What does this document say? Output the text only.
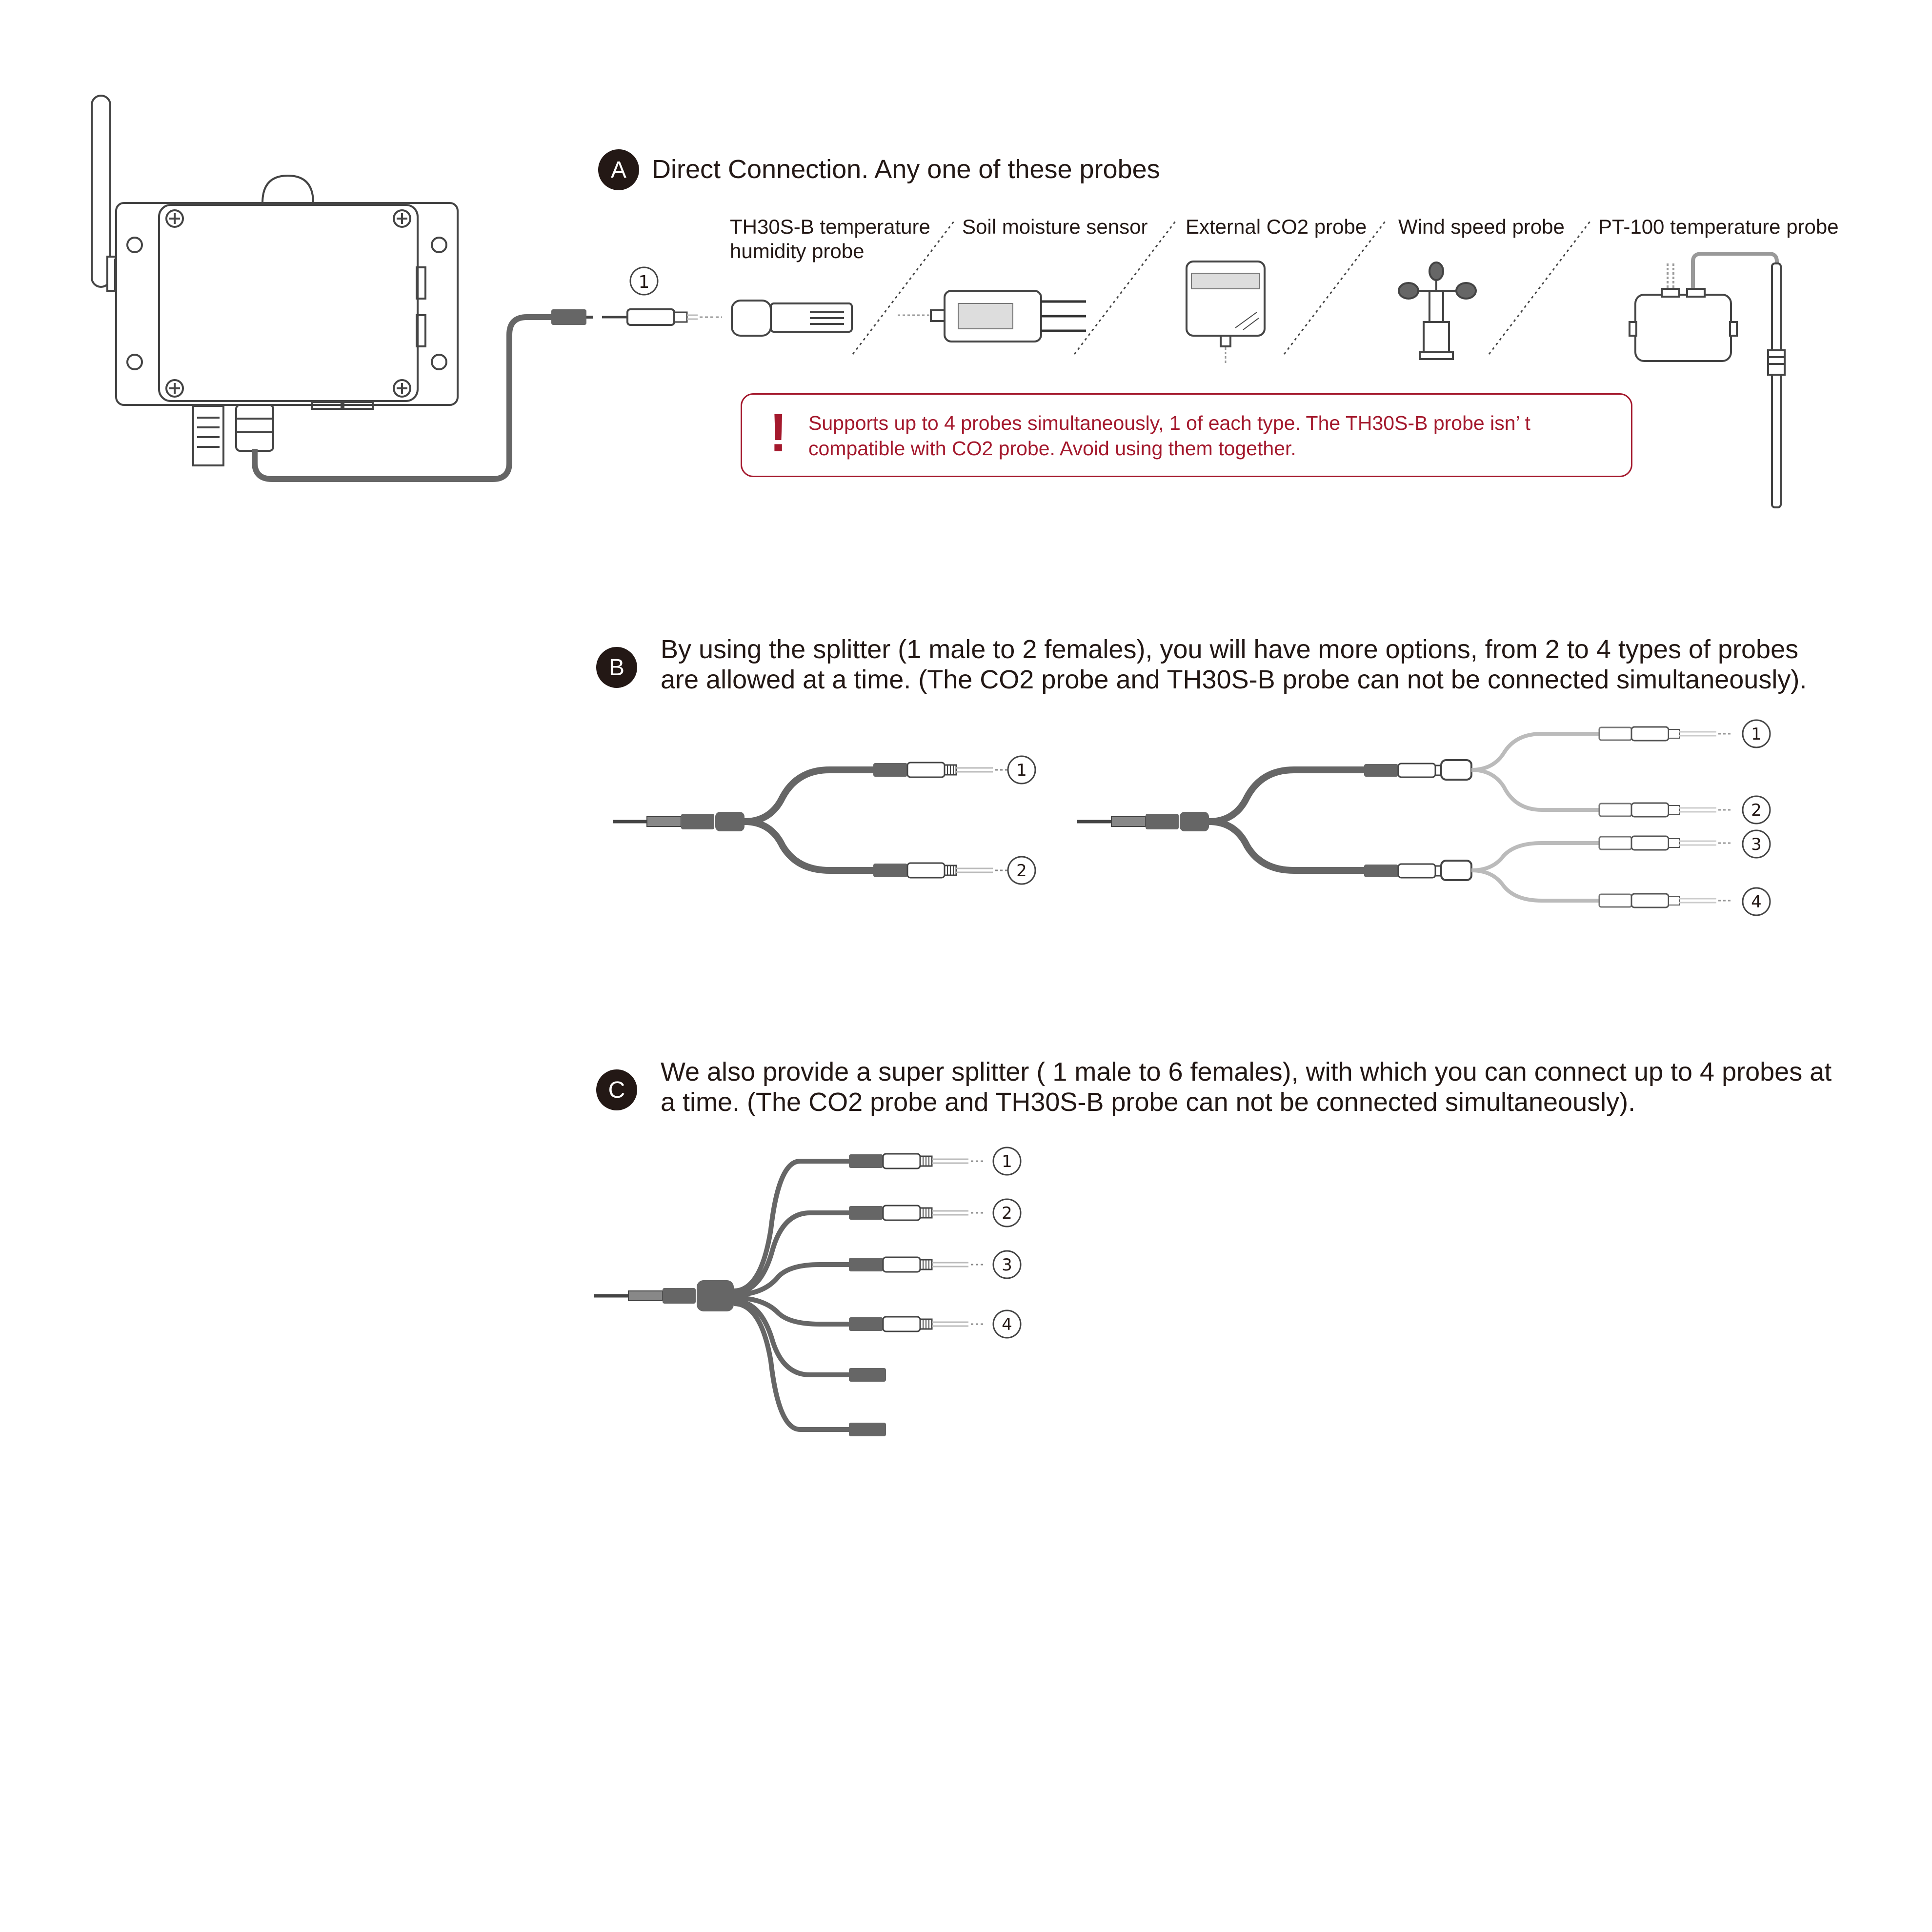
1
1
2
1
2
3
4
1
2
3
4
A Direct Connection. Any one of these probes
TH30S-B temperature
humidity probe
Soil moisture sensor External CO2 probe Wind speed probe PT-100 temperature probe
! Supports up to 4 probes simultaneously, 1 of each type. The TH30S-B probe isn’ t
compatible with CO2 probe. Avoid using them together.
B
By using the splitter (1 male to 2 females), you will have more options, from 2 to 4 types of probes
are allowed at a time. (The CO2 probe and TH30S-B probe can not be connected simultaneously).
C
We also provide a super splitter ( 1 male to 6 females), with which you can connect up to 4 probes at
a time. (The CO2 probe and TH30S-B probe can not be connected simultaneously).
